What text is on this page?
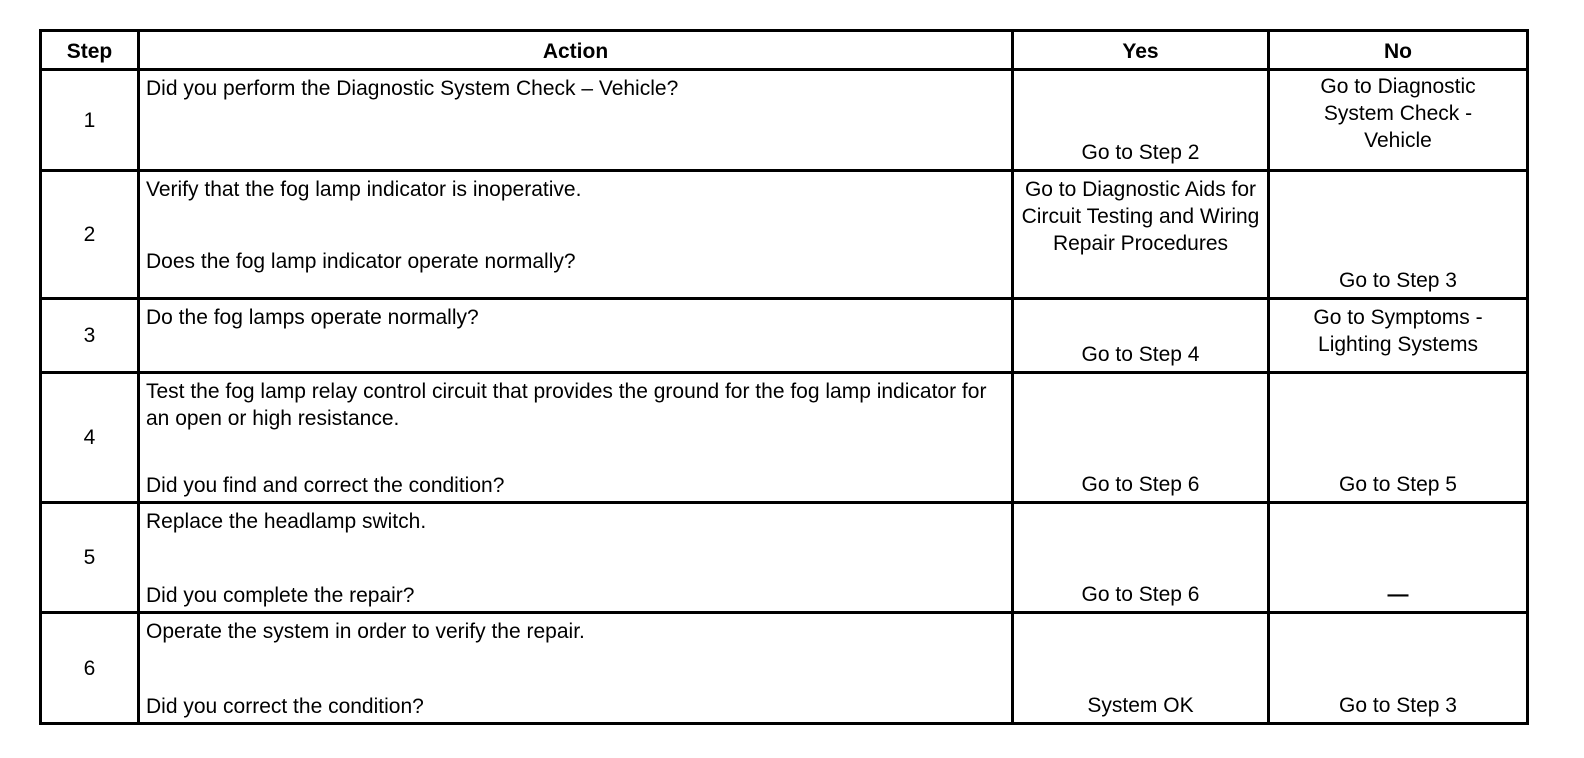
Step	Action	Yes	No
1	Did you perform the Diagnostic System Check – Vehicle?	Go to Step 2	Go to Diagnostic System Check - Vehicle

2	Verify that the fog lamp indicator is inoperative.
Does the fog lamp indicator operate normally?	Go to Diagnostic Aids for Circuit Testing and Wiring Repair Procedures	Go to Step 3

3	Do the fog lamps operate normally?	Go to Step 4	Go to Symptoms - Lighting Systems

4	Test the fog lamp relay control circuit that provides the ground for the fog lamp indicator for an open or high resistance.
Did you find and correct the condition?	Go to Step 6	Go to Step 5

5	Replace the headlamp switch.
Did you complete the repair?	Go to Step 6	—

6	Operate the system in order to verify the repair.
Did you correct the condition?	System OK	Go to Step 3
